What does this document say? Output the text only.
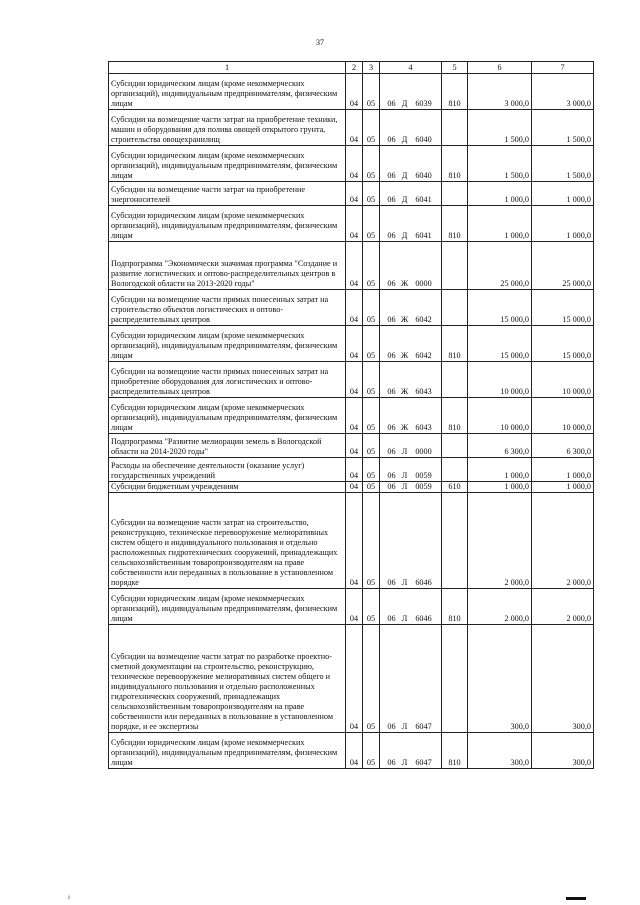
37
1	2	3	4	5	6	7
Субсидии юридическим лицам (кроме некоммерческих организаций), индивидуальным предпринимателям, физическим лицам	04	05	06 Д 6039	810	3 000,0	3 000,0
Субсидии на возмещение части затрат на приобретение техники, машин и оборудования для полива овощей открытого грунта, строительства овощехранилищ	04	05	06 Д 6040		1 500,0	1 500,0
Субсидии юридическим лицам (кроме некоммерческих организаций), индивидуальным предпринимателям, физическим лицам	04	05	06 Д 6040	810	1 500,0	1 500,0
Субсидии на возмещение части затрат на приобретение энергоносителей	04	05	06 Д 6041		1 000,0	1 000,0
Субсидии юридическим лицам (кроме некоммерческих организаций), индивидуальным предпринимателям, физическим лицам	04	05	06 Д 6041	810	1 000,0	1 000,0
Подпрограмма "Экономически значимая программа "Создание и развитие логистических и оптово-распределительных центров в Вологодской области на 2013-2020 годы"	04	05	06 Ж 0000		25 000,0	25 000,0
Субсидии на возмещение части прямых понесенных затрат на строительство объектов логистических и оптово-распределительных центров	04	05	06 Ж 6042		15 000,0	15 000,0
Субсидии юридическим лицам (кроме некоммерческих организаций), индивидуальным предпринимателям, физическим лицам	04	05	06 Ж 6042	810	15 000,0	15 000,0
Субсидии на возмещение части прямых понесенных затрат на приобретение оборудования для логистических и оптово-распределительных центров	04	05	06 Ж 6043		10 000,0	10 000,0
Субсидии юридическим лицам (кроме некоммерческих организаций), индивидуальным предпринимателям, физическим лицам	04	05	06 Ж 6043	810	10 000,0	10 000,0
Подпрограмма "Развитие мелиорации земель в Вологодской области на 2014-2020 годы"	04	05	06 Л 0000		6 300,0	6 300,0
Расходы на обеспечение деятельности (оказание услуг) государственных учреждений	04	05	06 Л 0059		1 000,0	1 000,0
Субсидии бюджетным учреждениям	04	05	06 Л 0059	610	1 000,0	1 000,0
Субсидии на возмещение части затрат на строительство, реконструкцию, техническое перевооружение мелиоративных систем общего и индивидуального пользования и отдельно расположенных гидротехнических сооружений, принадлежащих сельскохозяйственным товаропроизводителям на праве собственности или переданных в пользование в установленном порядке	04	05	06 Л 6046		2 000,0	2 000,0
Субсидии юридическим лицам (кроме некоммерческих организаций), индивидуальным предпринимателям, физическим лицам	04	05	06 Л 6046	810	2 000,0	2 000,0
Субсидии на возмещение части затрат по разработке проектно-сметной документации на строительство, реконструкцию, техническое перевооружение мелиоративных систем общего и индивидуального пользования и отдельно расположенных гидротехнических сооружений, принадлежащих сельскохозяйственным товаропроизводителям на праве собственности или переданных в пользование в установленном порядке, и ее экспертизы	04	05	06 Л 6047		300,0	300,0
Субсидии юридическим лицам (кроме некоммерческих организаций), индивидуальным предпринимателям, физическим лицам	04	05	06 Л 6047	810	300,0	300,0
ı
